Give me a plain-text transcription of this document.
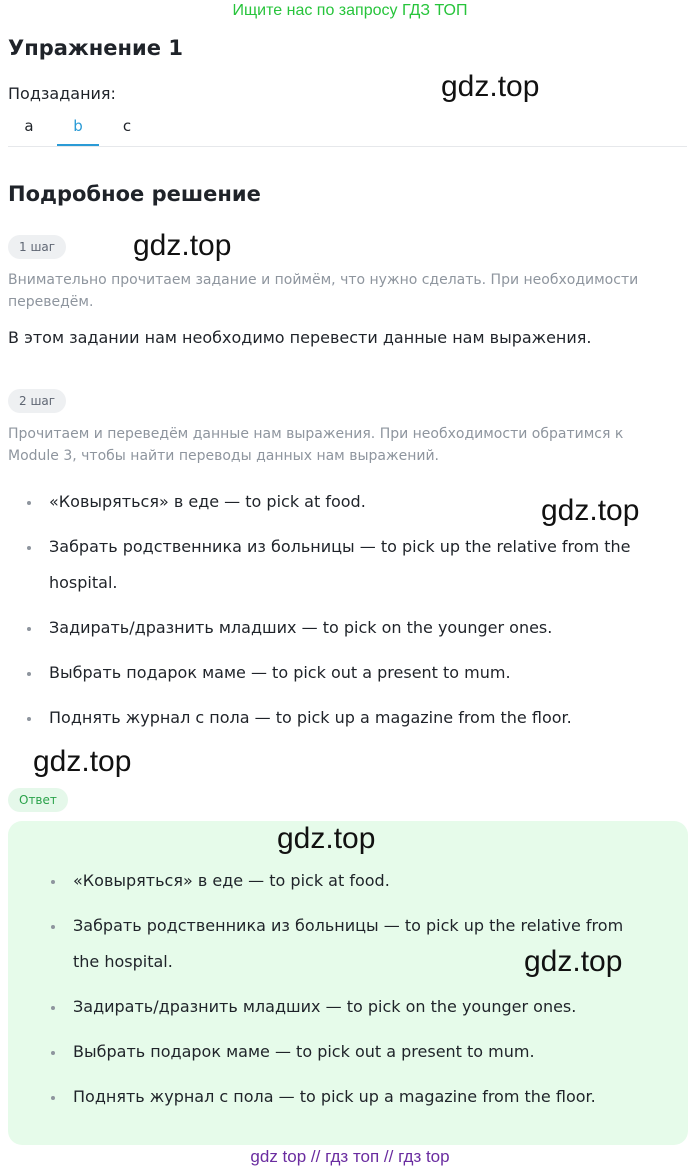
Ищите нас по запросу ГДЗ ТОП
Упражнение 1
Подзадания:
a	b	c
Подробное решение
1 шаг
Внимательно прочитаем задание и поймём, что нужно сделать. При необходимости переведём.
В этом задании нам необходимо перевести данные нам выражения.
2 шаг
Прочитаем и переведём данные нам выражения. При необходимости обратимся к Module 3, чтобы найти переводы данных нам выражений.
«Ковыряться» в еде — to pick at food.
Забрать родственника из больницы — to pick up the relative from the hospital.
Задирать/дразнить младших — to pick on the younger ones.
Выбрать подарок маме — to pick out a present to mum.
Поднять журнал с пола — to pick up a magazine from the floor.
Ответ
«Ковыряться» в еде — to pick at food.
Забрать родственника из больницы — to pick up the relative from the hospital.
Задирать/дразнить младших — to pick on the younger ones.
Выбрать подарок маме — to pick out a present to mum.
Поднять журнал с пола — to pick up a magazine from the floor.
gdz.top
gdz.top
gdz.top
gdz.top
gdz.top
gdz.top
gdz top // гдз топ // гдз top
